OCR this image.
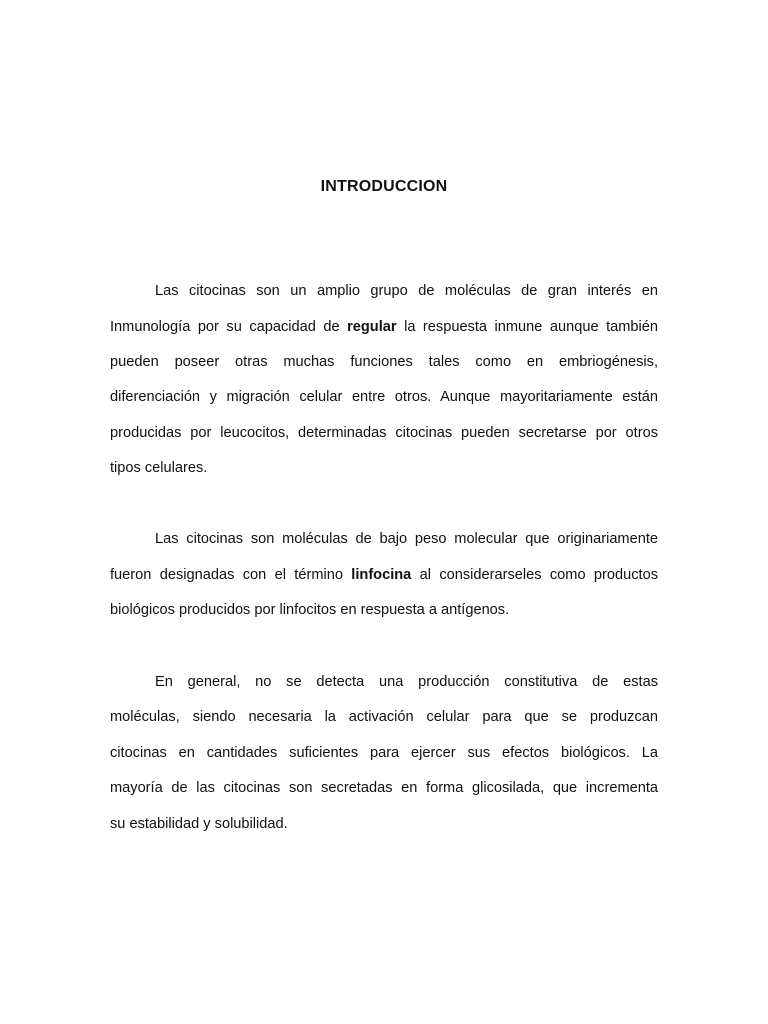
INTRODUCCION
Las citocinas son un amplio grupo de moléculas de gran interés en
Inmunología por su capacidad de regular la respuesta inmune aunque también
pueden poseer otras muchas funciones tales como en embriogénesis,
diferenciación y migración celular entre otros. Aunque mayoritariamente están
producidas por leucocitos, determinadas citocinas pueden secretarse por otros
tipos celulares.
Las citocinas son moléculas de bajo peso molecular que originariamente
fueron designadas con el término linfocina al considerarseles como productos
biológicos producidos por linfocitos en respuesta a antígenos.
En general, no se detecta una producción constitutiva de estas
moléculas, siendo necesaria la activación celular para que se produzcan
citocinas en cantidades suficientes para ejercer sus efectos biológicos. La
mayoría de las citocinas son secretadas en forma glicosilada, que incrementa
su estabilidad y solubilidad.
